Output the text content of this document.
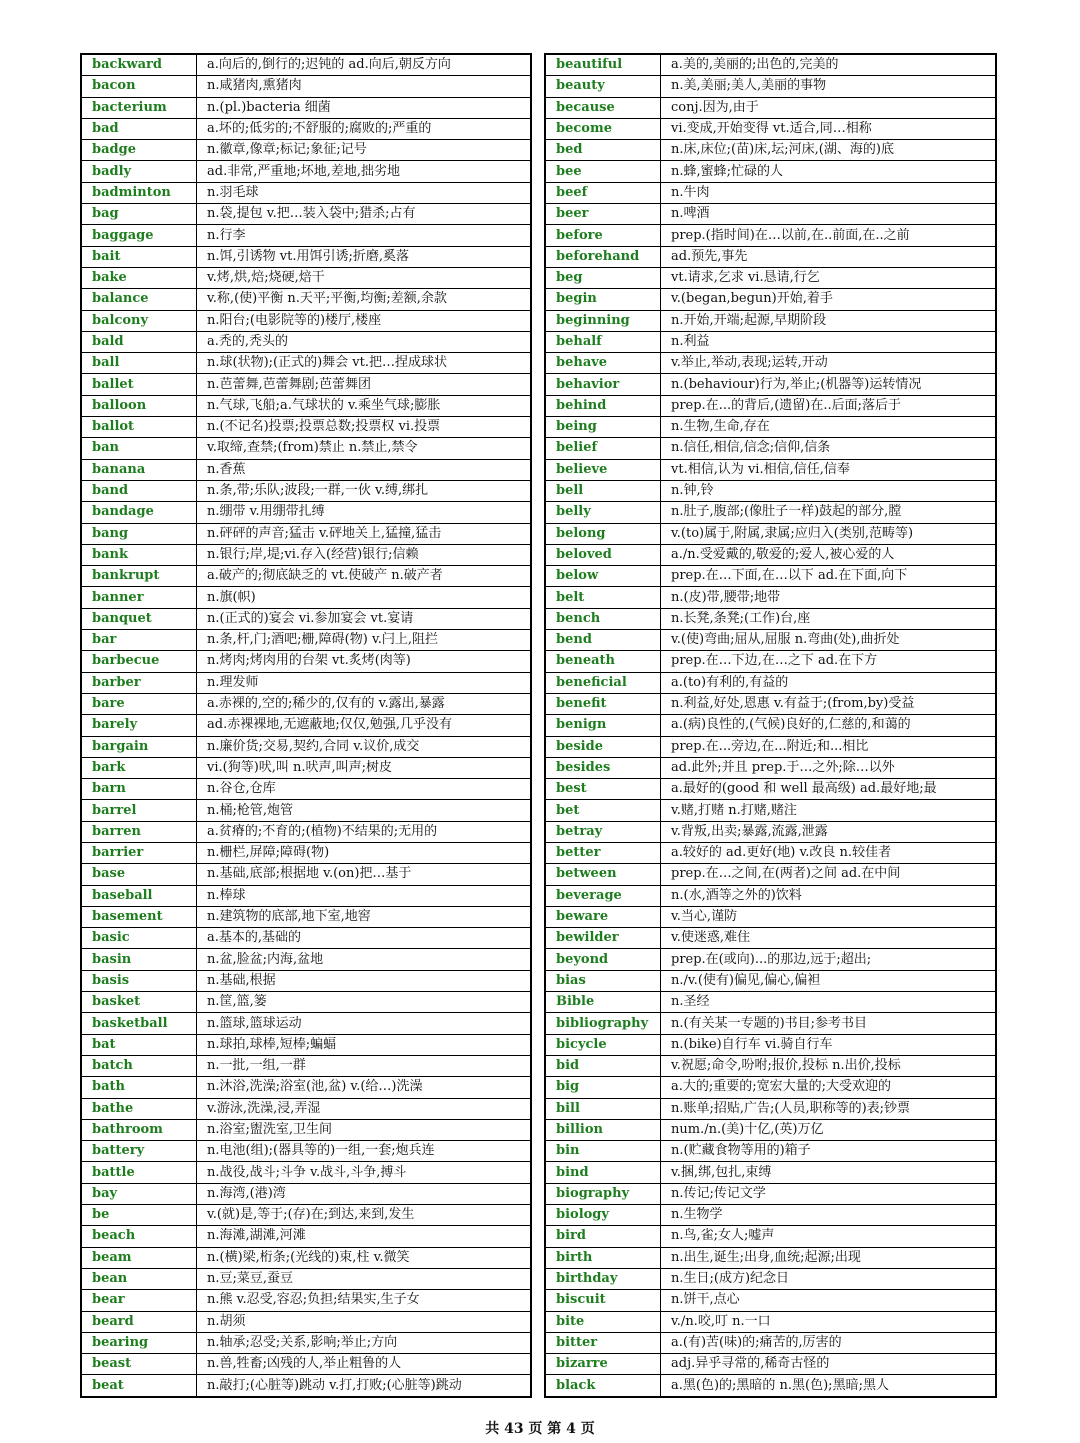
backward	a.向后的,倒行的;迟钝的 ad.向后,朝反方向
bacon	n.咸猪肉,熏猪肉
bacterium	n.(pl.)bacteria 细菌
bad	a.坏的;低劣的;不舒服的;腐败的;严重的
badge	n.徽章,像章;标记;象征;记号
badly	ad.非常,严重地;坏地,差地,拙劣地
badminton	n.羽毛球
bag	n.袋,提包 v.把…装入袋中;猎杀;占有
baggage	n.行李
bait	n.饵,引诱物 vt.用饵引诱;折磨,奚落
bake	v.烤,烘,焙;烧硬,焙干
balance	v.称,(使)平衡 n.天平;平衡,均衡;差额,余款
balcony	n.阳台;(电影院等的)楼厅,楼座
bald	a.秃的,秃头的
ball	n.球(状物);(正式的)舞会 vt.把…捏成球状
ballet	n.芭蕾舞,芭蕾舞剧;芭蕾舞团
balloon	n.气球,飞船;a.气球状的 v.乘坐气球;膨胀
ballot	n.(不记名)投票;投票总数;投票权 vi.投票
ban	v.取缔,查禁;(from)禁止 n.禁止,禁令
banana	n.香蕉
band	n.条,带;乐队;波段;一群,一伙 v.缚,绑扎
bandage	n.绷带 v.用绷带扎缚
bang	n.砰砰的声音;猛击 v.砰地关上,猛撞,猛击
bank	n.银行;岸,堤;vi.存入(经营)银行;信赖
bankrupt	a.破产的;彻底缺乏的 vt.使破产 n.破产者
banner	n.旗(帜)
banquet	n.(正式的)宴会 vi.参加宴会 vt.宴请
bar	n.条,杆,门;酒吧;栅,障碍(物) v.闩上,阻拦
barbecue	n.烤肉;烤肉用的台架 vt.炙烤(肉等)
barber	n.理发师
bare	a.赤裸的,空的;稀少的,仅有的 v.露出,暴露
barely	ad.赤裸裸地,无遮蔽地;仅仅,勉强,几乎没有
bargain	n.廉价货;交易,契约,合同 v.议价,成交
bark	vi.(狗等)吠,叫 n.吠声,叫声;树皮
barn	n.谷仓,仓库
barrel	n.桶;枪管,炮管
barren	a.贫瘠的;不育的;(植物)不结果的;无用的
barrier	n.栅栏,屏障;障碍(物)
base	n.基础,底部;根据地 v.(on)把…基于
baseball	n.棒球
basement	n.建筑物的底部,地下室,地窖
basic	a.基本的,基础的
basin	n.盆,脸盆;内海,盆地
basis	n.基础,根据
basket	n.筐,篮,篓
basketball	n.篮球,篮球运动
bat	n.球拍,球棒,短棒;蝙蝠
batch	n.一批,一组,一群
bath	n.沐浴,洗澡;浴室(池,盆) v.(给…)洗澡
bathe	v.游泳,洗澡,浸,弄湿
bathroom	n.浴室;盥洗室,卫生间
battery	n.电池(组);(器具等的)一组,一套;炮兵连
battle	n.战役,战斗;斗争 v.战斗,斗争,搏斗
bay	n.海湾,(港)湾
be	v.(就)是,等于;(存)在;到达,来到,发生
beach	n.海滩,湖滩,河滩
beam	n.(横)梁,桁条;(光线的)束,柱 v.微笑
bean	n.豆;菜豆,蚕豆
bear	n.熊 v.忍受,容忍;负担;结果实,生子女
beard	n.胡须
bearing	n.轴承;忍受;关系,影响;举止;方向
beast	n.兽,牲畜;凶残的人,举止粗鲁的人
beat	n.敲打;(心脏等)跳动 v.打,打败;(心脏等)跳动
beautiful	a.美的,美丽的;出色的,完美的
beauty	n.美,美丽;美人,美丽的事物
because	conj.因为,由于
become	vi.变成,开始变得 vt.适合,同…相称
bed	n.床,床位;(苗)床,坛;河床,(湖、海的)底
bee	n.蜂,蜜蜂;忙碌的人
beef	n.牛肉
beer	n.啤酒
before	prep.(指时间)在…以前,在..前面,在..之前
beforehand	ad.预先,事先
beg	vt.请求,乞求 vi.恳请,行乞
begin	v.(began,begun)开始,着手
beginning	n.开始,开端;起源,早期阶段
behalf	n.利益
behave	v.举止,举动,表现;运转,开动
behavior	n.(behaviour)行为,举止;(机器等)运转情况
behind	prep.在...的背后,(遗留)在..后面;落后于
being	n.生物,生命,存在
belief	n.信任,相信,信念;信仰,信条
believe	vt.相信,认为 vi.相信,信任,信奉
bell	n.钟,铃
belly	n.肚子,腹部;(像肚子一样)鼓起的部分,膛
belong	v.(to)属于,附属,隶属;应归入(类别,范畴等)
beloved	a./n.受爱戴的,敬爱的;爱人,被心爱的人
below	prep.在…下面,在…以下 ad.在下面,向下
belt	n.(皮)带,腰带;地带
bench	n.长凳,条凳;(工作)台,座
bend	v.(使)弯曲;屈从,屈服 n.弯曲(处),曲折处
beneath	prep.在…下边,在…之下 ad.在下方
beneficial	a.(to)有利的,有益的
benefit	n.利益,好处,恩惠 v.有益于;(from,by)受益
benign	a.(病)良性的,(气候)良好的,仁慈的,和蔼的
beside	prep.在...旁边,在...附近;和...相比
besides	ad.此外;并且 prep.于…之外;除…以外
best	a.最好的(good 和 well 最高级) ad.最好地;最
bet	v.赌,打赌 n.打赌,赌注
betray	v.背叛,出卖;暴露,流露,泄露
better	a.较好的 ad.更好(地) v.改良 n.较佳者
between	prep.在…之间,在(两者)之间 ad.在中间
beverage	n.(水,酒等之外的)饮料
beware	v.当心,谨防
bewilder	v.使迷惑,难住
beyond	prep.在(或向)...的那边,远于;超出;
bias	n./v.(使有)偏见,偏心,偏袒
Bible	n.圣经
bibliography	n.(有关某一专题的)书目;参考书目
bicycle	n.(bike)自行车 vi.骑自行车
bid	v.祝愿;命令,吩咐;报价,投标 n.出价,投标
big	a.大的;重要的;宽宏大量的;大受欢迎的
bill	n.账单;招贴,广告;(人员,职称等的)表;钞票
billion	num./n.(美)十亿,(英)万亿
bin	n.(贮藏食物等用的)箱子
bind	v.捆,绑,包扎,束缚
biography	n.传记;传记文学
biology	n.生物学
bird	n.鸟,雀;女人;嘘声
birth	n.出生,诞生;出身,血统;起源;出现
birthday	n.生日;(成方)纪念日
biscuit	n.饼干,点心
bite	v./n.咬,叮 n.一口
bitter	a.(有)苦(味)的;痛苦的,厉害的
bizarre	adj.异乎寻常的,稀奇古怪的
black	a.黑(色)的;黑暗的 n.黑(色);黑暗;黑人
共 43 页 第 4 页
